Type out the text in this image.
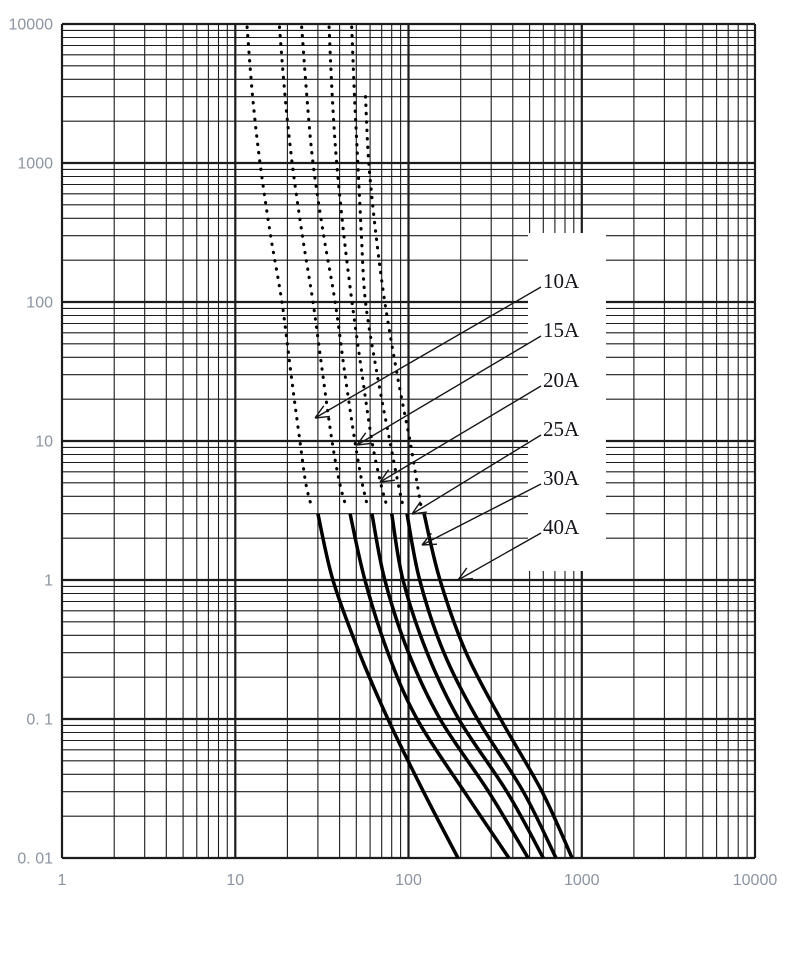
10A
15A
20A
25A
30A
40A
10000
1000
100
10
1
0. 1
0. 01
1	10	100	1000	10000
